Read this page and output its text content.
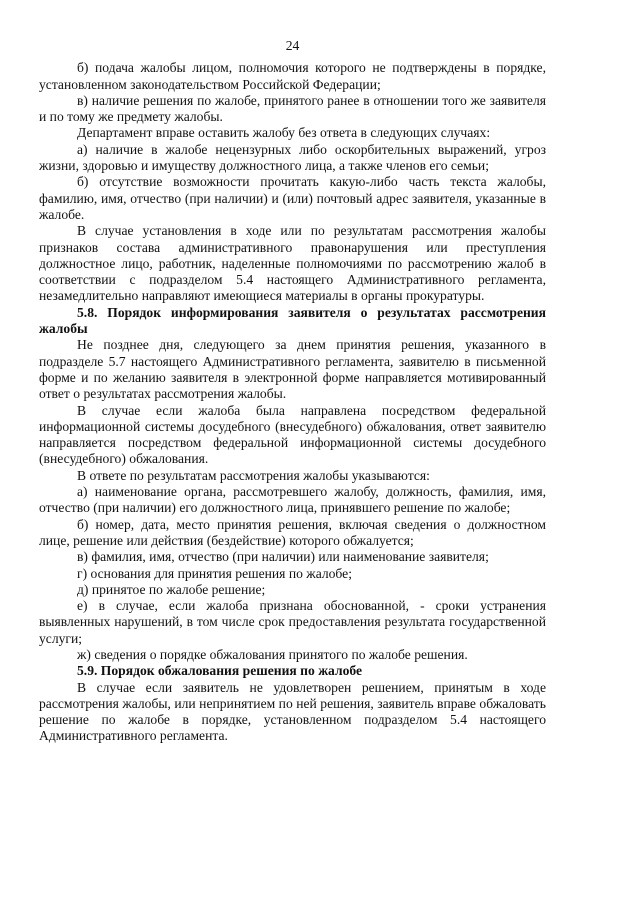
24

б) подача жалобы лицом, полномочия которого не подтверждены в порядке, установленном законодательством Российской Федерации;

в) наличие решения по жалобе, принятого ранее в отношении того же заявителя и по тому же предмету жалобы.

Департамент вправе оставить жалобу без ответа в следующих случаях:

а) наличие в жалобе нецензурных либо оскорбительных выражений, угроз жизни, здоровью и имуществу должностного лица, а также членов его семьи;

б) отсутствие возможности прочитать какую-либо часть текста жалобы, фамилию, имя, отчество (при наличии) и (или) почтовый адрес заявителя, указанные в жалобе.

В случае установления в ходе или по результатам рассмотрения жалобы признаков состава административного правонарушения или преступления должностное лицо, работник, наделенные полномочиями по рассмотрению жалоб в соответствии с подразделом 5.4 настоящего Административного регламента, незамедлительно направляют имеющиеся материалы в органы прокуратуры.

5.8. Порядок информирования заявителя о результатах рассмотрения жалобы

Не позднее дня, следующего за днем принятия решения, указанного в подразделе 5.7 настоящего Административного регламента, заявителю в письменной форме и по желанию заявителя в электронной форме направляется мотивированный ответ о результатах рассмотрения жалобы.

В случае если жалоба была направлена посредством федеральной информационной системы досудебного (внесудебного) обжалования, ответ заявителю направляется посредством федеральной информационной системы досудебного (внесудебного) обжалования.

В ответе по результатам рассмотрения жалобы указываются:

а) наименование органа, рассмотревшего жалобу, должность, фамилия, имя, отчество (при наличии) его должностного лица, принявшего решение по жалобе;

б) номер, дата, место принятия решения, включая сведения о должностном лице, решение или действия (бездействие) которого обжалуется;

в) фамилия, имя, отчество (при наличии) или наименование заявителя;

г) основания для принятия решения по жалобе;

д) принятое по жалобе решение;

е) в случае, если жалоба признана обоснованной, - сроки устранения выявленных нарушений, в том числе срок предоставления результата государственной услуги;

ж) сведения о порядке обжалования принятого по жалобе решения.

5.9. Порядок обжалования решения по жалобе

В случае если заявитель не удовлетворен решением, принятым в ходе рассмотрения жалобы, или непринятием по ней решения, заявитель вправе обжаловать решение по жалобе в порядке, установленном подразделом 5.4 настоящего Административного регламента.
